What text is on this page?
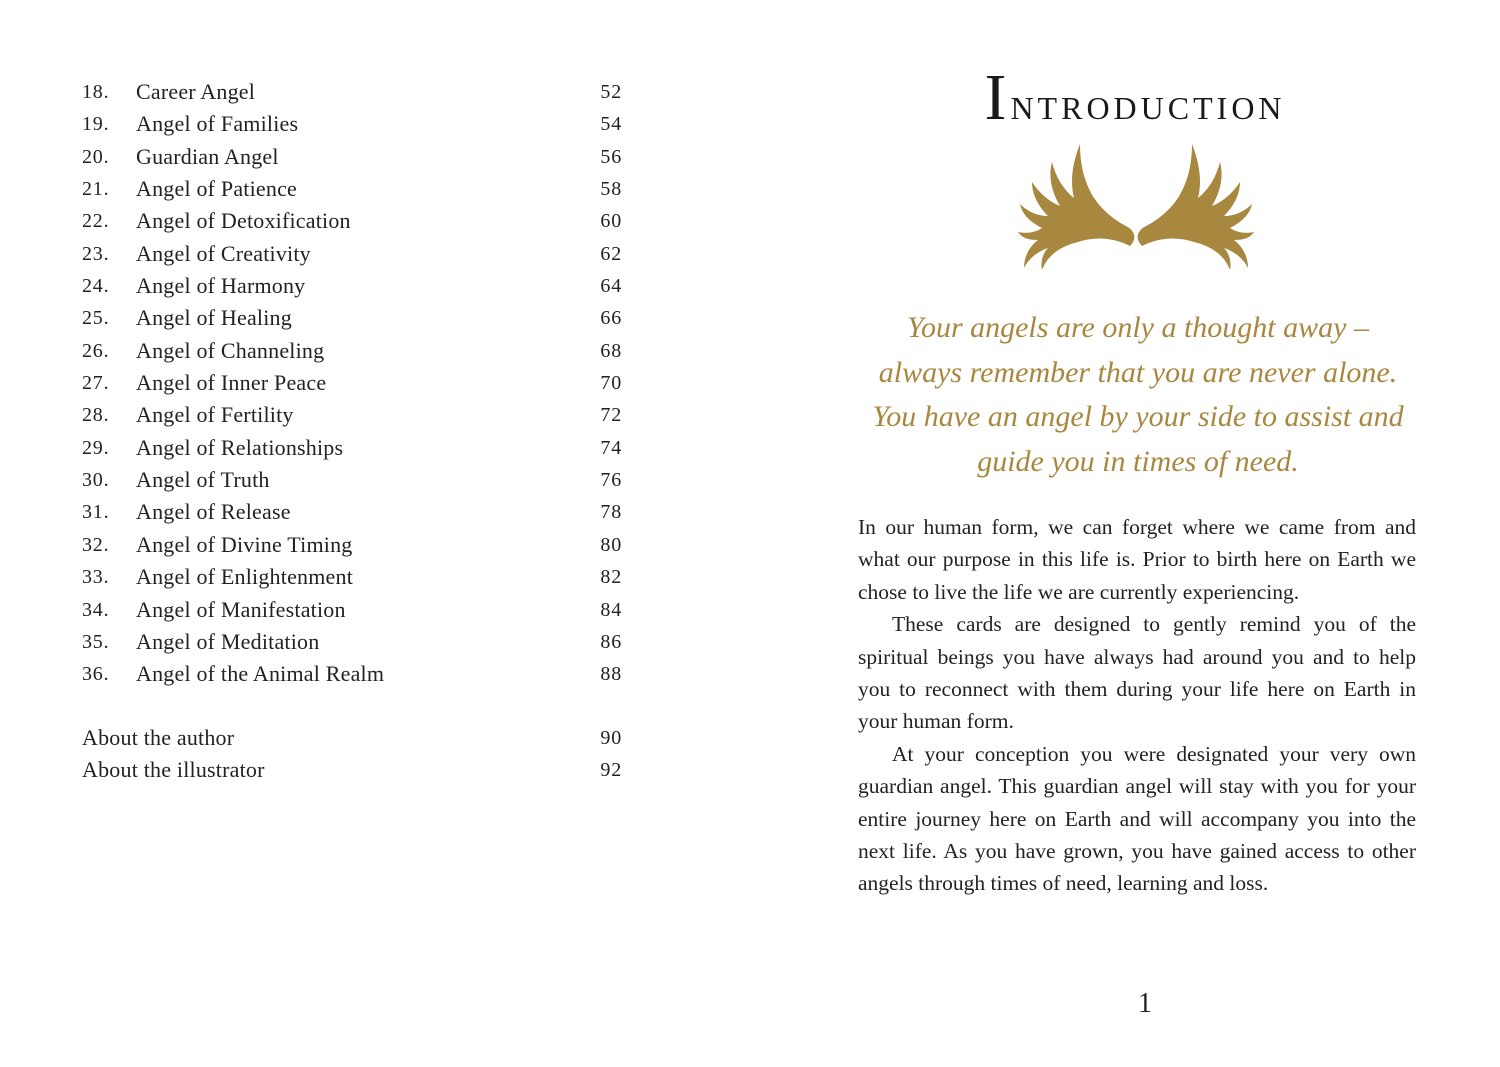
18. Career Angel	52
19. Angel of Families	54
20. Guardian Angel	56
21. Angel of Patience	58
22. Angel of Detoxification	60
23. Angel of Creativity	62
24. Angel of Harmony	64
25. Angel of Healing	66
26. Angel of Channeling	68
27. Angel of Inner Peace	70
28. Angel of Fertility	72
29. Angel of Relationships	74
30. Angel of Truth	76
31. Angel of Release	78
32. Angel of Divine Timing	80
33. Angel of Enlightenment	82
34. Angel of Manifestation	84
35. Angel of Meditation	86
36. Angel of the Animal Realm	88
About the author	90
About the illustrator	92
Introduction
Your angels are only a thought away –
always remember that you are never alone.
You have an angel by your side to assist and
guide you in times of need.

In our human form, we can forget where we came from and what our purpose in this life is. Prior to birth here on Earth we chose to live the life we are currently experiencing.

These cards are designed to gently remind you of the spiritual beings you have always had around you and to help you to reconnect with them during your life here on Earth in your human form.

At your conception you were designated your very own guardian angel. This guardian angel will stay with you for your entire journey here on Earth and will accompany you into the next life. As you have grown, you have gained access to other angels through times of need, learning and loss.

1
